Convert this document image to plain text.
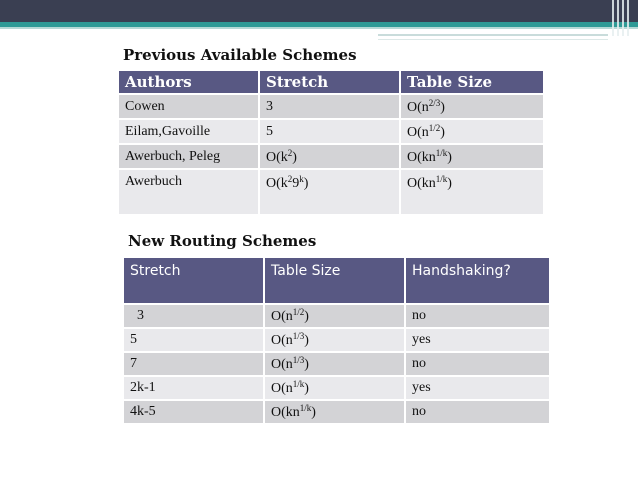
Previous Available Schemes
Authors	Stretch	Table Size
Cowen	3	$O(n^{2/3})$
Eilam,Gavoille	5	$O(n^{1/2})$
Awerbuch, Peleg	$O(k^2)$	$O(kn^{1/k})$
Awerbuch	$O(k^29^k)$	$O(kn^{1/k})$
New Routing Schemes
Stretch	Table Size	Handshaking?
3	$O(n^{1/2})$	no
5	$O(n^{1/3})$	yes
7	$O(n^{1/3})$	no
2k-1	$O(n^{1/k})$	yes
4k-5	$O(kn^{1/k})$	no
